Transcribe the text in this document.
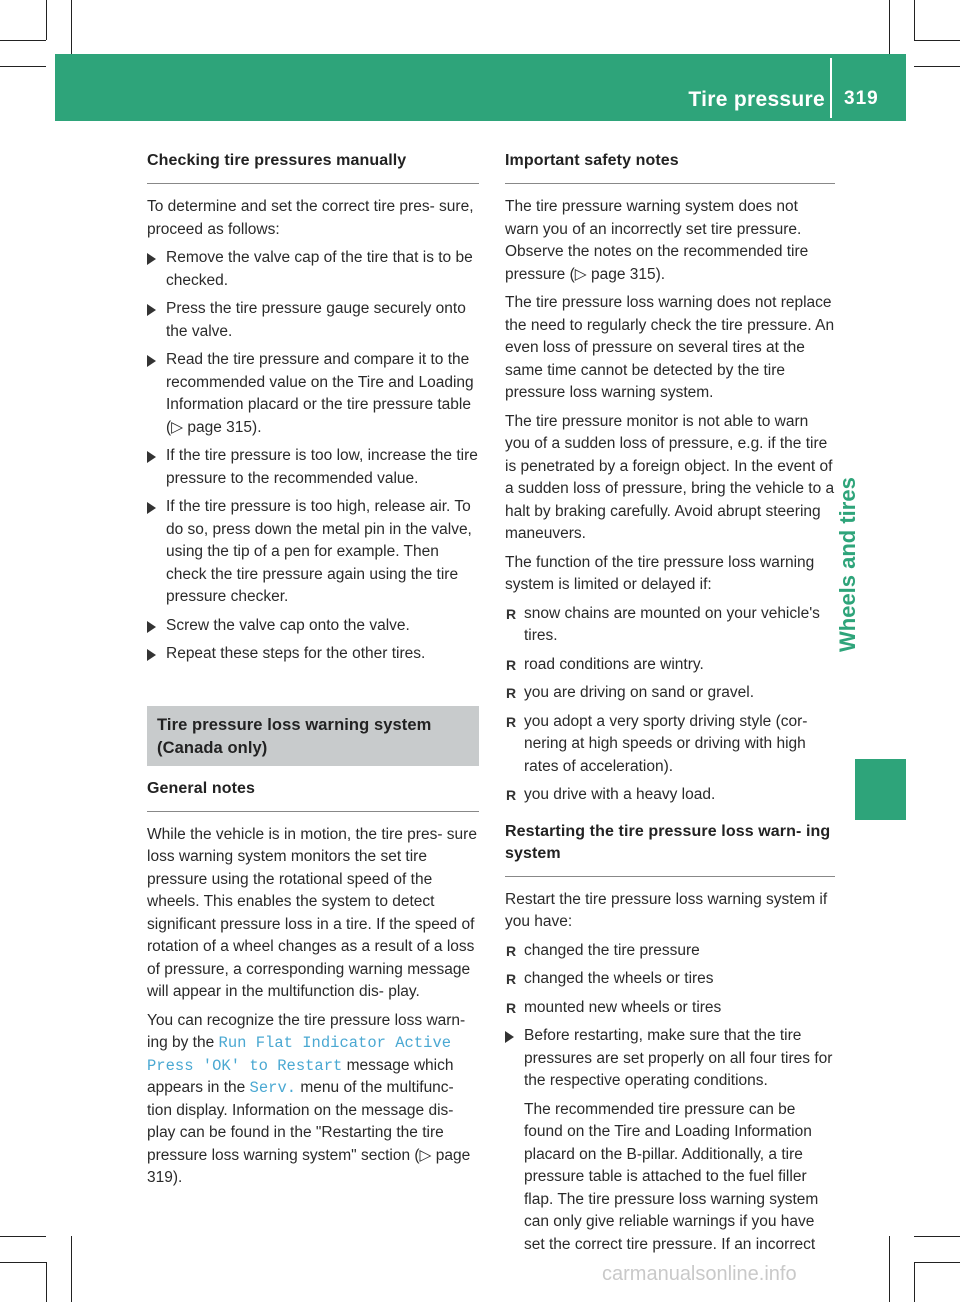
Tire pressure 319
Wheels and tires
Checking tire pressures manually

To determine and set the correct tire pres- sure, proceed as follows:

Remove the valve cap of the tire that is to be checked.
Press the tire pressure gauge securely onto the valve.
Read the tire pressure and compare it to the recommended value on the Tire and Loading Information placard or the tire pressure table (▷ page 315).
If the tire pressure is too low, increase the tire pressure to the recommended value.
If the tire pressure is too high, release air. To do so, press down the metal pin in the valve, using the tip of a pen for example. Then check the tire pressure again using the tire pressure checker.
Screw the valve cap onto the valve.
Repeat these steps for the other tires.
Tire pressure loss warning system (Canada only)
General notes

While the vehicle is in motion, the tire pres- sure loss warning system monitors the set tire pressure using the rotational speed of the wheels. This enables the system to detect significant pressure loss in a tire. If the speed of rotation of a wheel changes as a result of a loss of pressure, a corresponding warning message will appear in the multifunction dis- play.

You can recognize the tire pressure loss warn- ing by the Run Flat Indicator Active Press 'OK' to Restart message which appears in the Serv. menu of the multifunc- tion display. Information on the message dis- play can be found in the "Restarting the tire pressure loss warning system" section (▷ page 319).

Important safety notes

The tire pressure warning system does not warn you of an incorrectly set tire pressure. Observe the notes on the recommended tire pressure (▷ page 315).

The tire pressure loss warning does not replace the need to regularly check the tire pressure. An even loss of pressure on several tires at the same time cannot be detected by the tire pressure loss warning system.

The tire pressure monitor is not able to warn you of a sudden loss of pressure, e.g. if the tire is penetrated by a foreign object. In the event of a sudden loss of pressure, bring the vehicle to a halt by braking carefully. Avoid abrupt steering maneuvers.

The function of the tire pressure loss warning system is limited or delayed if:

R snow chains are mounted on your vehicle's tires.
R road conditions are wintry.
R you are driving on sand or gravel.
R you adopt a very sporty driving style (cor- nering at high speeds or driving with high rates of acceleration).
R you drive with a heavy load.
Restarting the tire pressure loss warn- ing system

Restart the tire pressure loss warning system if you have:

R changed the tire pressure
R changed the wheels or tires
R mounted new wheels or tires
Before restarting, make sure that the tire pressures are set properly on all four tires for the respective operating conditions.

The recommended tire pressure can be found on the Tire and Loading Information placard on the B-pillar. Additionally, a tire pressure table is attached to the fuel filler flap. The tire pressure loss warning system can only give reliable warnings if you have set the correct tire pressure. If an incorrect

carmanualsonline.info
